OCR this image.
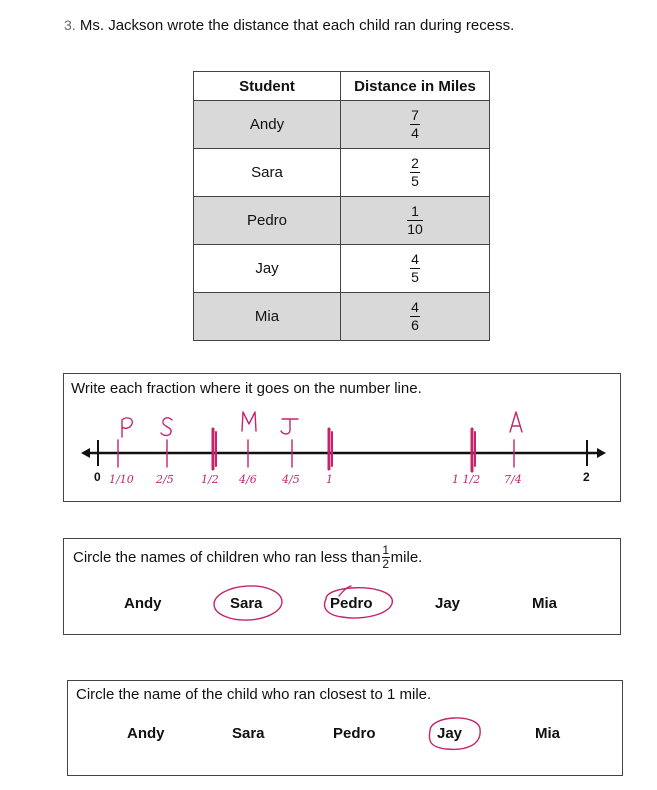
3. Ms. Jackson wrote the distance that each child ran during recess.
Student	Distance in Miles
Andy	$\frac{7}{4}$

Sara	$\frac{2}{5}$

Pedro	$\frac{1}{10}$

Jay	$\frac{4}{5}$

Mia	$\frac{4}{6}$
Write each fraction where it goes on the number line.
0	2
1/10 2/5 1/2 4/6 4/5 1	1 1/2 7/4
Circle the names of children who ran less than $\frac{1}{2}$ mile.
Andy	Sara	Pedro	Jay	Mia
Circle the name of the child who ran closest to 1 mile.
Andy	Sara	Pedro	Jay	Mia
